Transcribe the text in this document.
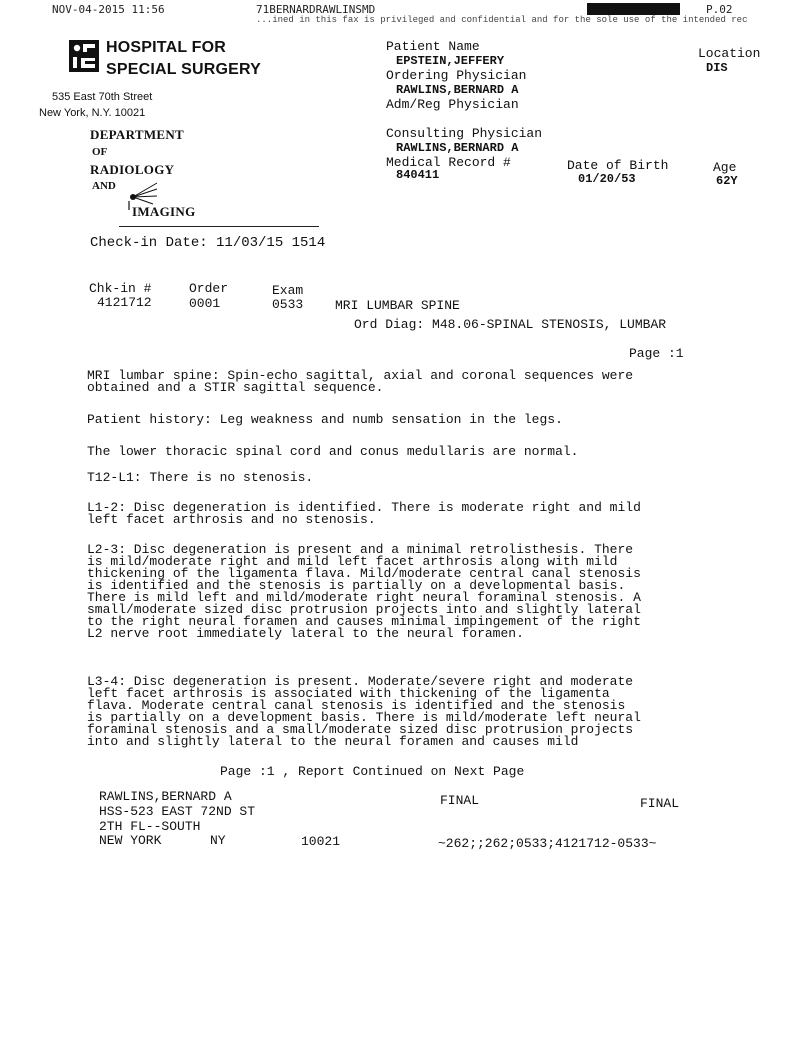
NOV-04-2015 11:56	71BERNARDRAWLINSMD
...ined in this fax is privileged and confidential and for the sole use of the intended rec
P.02
HOSPITAL FOR
SPECIAL SURGERY
535 East 70th Street
New York, N.Y. 10021
DEPARTMENT
OF
RADIOLOGY
AND
IMAGING
Patient Name
EPSTEIN,JEFFERY
Ordering Physician
RAWLINS,BERNARD A
Adm/Reg Physician
Consulting Physician
RAWLINS,BERNARD A
Medical Record #
840411
Date of Birth
01/20/53
Age
62Y
Location
DIS
Check-in Date: 11/03/15 1514
Chk-in #	Order	Exam
4121712	0001	0533 MRI LUMBAR SPINE
Ord Diag: M48.06-SPINAL STENOSIS, LUMBAR
Page :1

MRI lumbar spine: Spin-echo sagittal, axial and coronal sequences were
obtained and a STIR sagittal sequence.

Patient history: Leg weakness and numb sensation in the legs.

The lower thoracic spinal cord and conus medullaris are normal.

T12-L1: There is no stenosis.

L1-2: Disc degeneration is identified. There is moderate right and mild
left facet arthrosis and no stenosis.

L2-3: Disc degeneration is present and a minimal retrolisthesis. There
is mild/moderate right and mild left facet arthrosis along with mild
thickening of the ligamenta flava. Mild/moderate central canal stenosis
is identified and the stenosis is partially on a developmental basis.
There is mild left and mild/moderate right neural foraminal stenosis. A
small/moderate sized disc protrusion projects into and slightly lateral
to the right neural foramen and causes minimal impingement of the right
L2 nerve root immediately lateral to the neural foramen.

L3-4: Disc degeneration is present. Moderate/severe right and moderate
left facet arthrosis is associated with thickening of the ligamenta
flava. Moderate central canal stenosis is identified and the stenosis
is partially on a development basis. There is mild/moderate left neural
foraminal stenosis and a small/moderate sized disc protrusion projects
into and slightly lateral to the neural foramen and causes mild

Page :1 , Report Continued on Next Page
RAWLINS,BERNARD A
HSS-523 EAST 72ND ST
2TH FL--SOUTH
NEW YORK	NY	10021
FINAL	FINAL
~262;;262;0533;4121712-0533~
